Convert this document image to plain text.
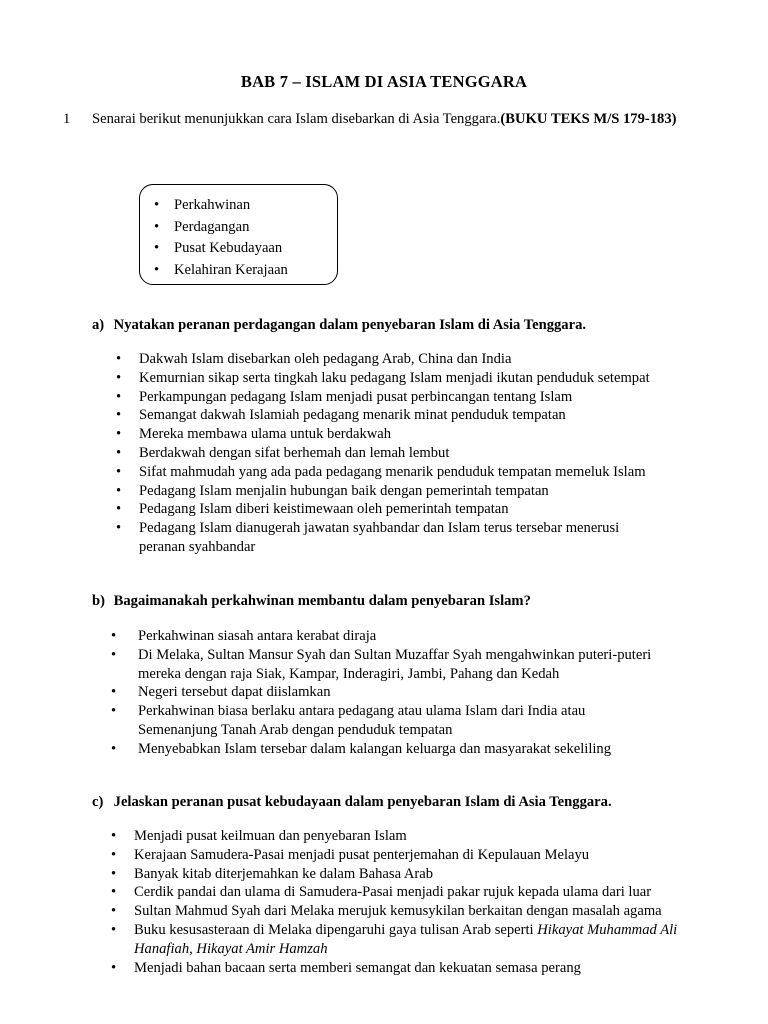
BAB 7 – ISLAM DI ASIA TENGGARA
1 Senarai berikut menunjukkan cara Islam disebarkan di Asia Tenggara.(BUKU TEKS M/S 179-183)
• Perkahwinan
• Perdagangan
• Pusat Kebudayaan
• Kelahiran Kerajaan
a) Nyatakan peranan perdagangan dalam penyebaran Islam di Asia Tenggara.
• Dakwah Islam disebarkan oleh pedagang Arab, China dan India
• Kemurnian sikap serta tingkah laku pedagang Islam menjadi ikutan penduduk setempat
• Perkampungan pedagang Islam menjadi pusat perbincangan tentang Islam
• Semangat dakwah Islamiah pedagang menarik minat penduduk tempatan
• Mereka membawa ulama untuk berdakwah
• Berdakwah dengan sifat berhemah dan lemah lembut
• Sifat mahmudah yang ada pada pedagang menarik penduduk tempatan memeluk Islam
• Pedagang Islam menjalin hubungan baik dengan pemerintah tempatan
• Pedagang Islam diberi keistimewaan oleh pemerintah tempatan
• Pedagang Islam dianugerah jawatan syahbandar dan Islam terus tersebar menerusi peranan syahbandar
b) Bagaimanakah perkahwinan membantu dalam penyebaran Islam?
• Perkahwinan siasah antara kerabat diraja
• Di Melaka, Sultan Mansur Syah dan Sultan Muzaffar Syah mengahwinkan puteri-puteri mereka dengan raja Siak, Kampar, Inderagiri, Jambi, Pahang dan Kedah
• Negeri tersebut dapat diislamkan
• Perkahwinan biasa berlaku antara pedagang atau ulama Islam dari India atau Semenanjung Tanah Arab dengan penduduk tempatan
• Menyebabkan Islam tersebar dalam kalangan keluarga dan masyarakat sekeliling
c) Jelaskan peranan pusat kebudayaan dalam penyebaran Islam di Asia Tenggara.
• Menjadi pusat keilmuan dan penyebaran Islam
• Kerajaan Samudera-Pasai menjadi pusat penterjemahan di Kepulauan Melayu
• Banyak kitab diterjemahkan ke dalam Bahasa Arab
• Cerdik pandai dan ulama di Samudera-Pasai menjadi pakar rujuk kepada ulama dari luar
• Sultan Mahmud Syah dari Melaka merujuk kemusykilan berkaitan dengan masalah agama
• Buku kesusasteraan di Melaka dipengaruhi gaya tulisan Arab seperti Hikayat Muhammad Ali Hanafiah, Hikayat Amir Hamzah
• Menjadi bahan bacaan serta memberi semangat dan kekuatan semasa perang
